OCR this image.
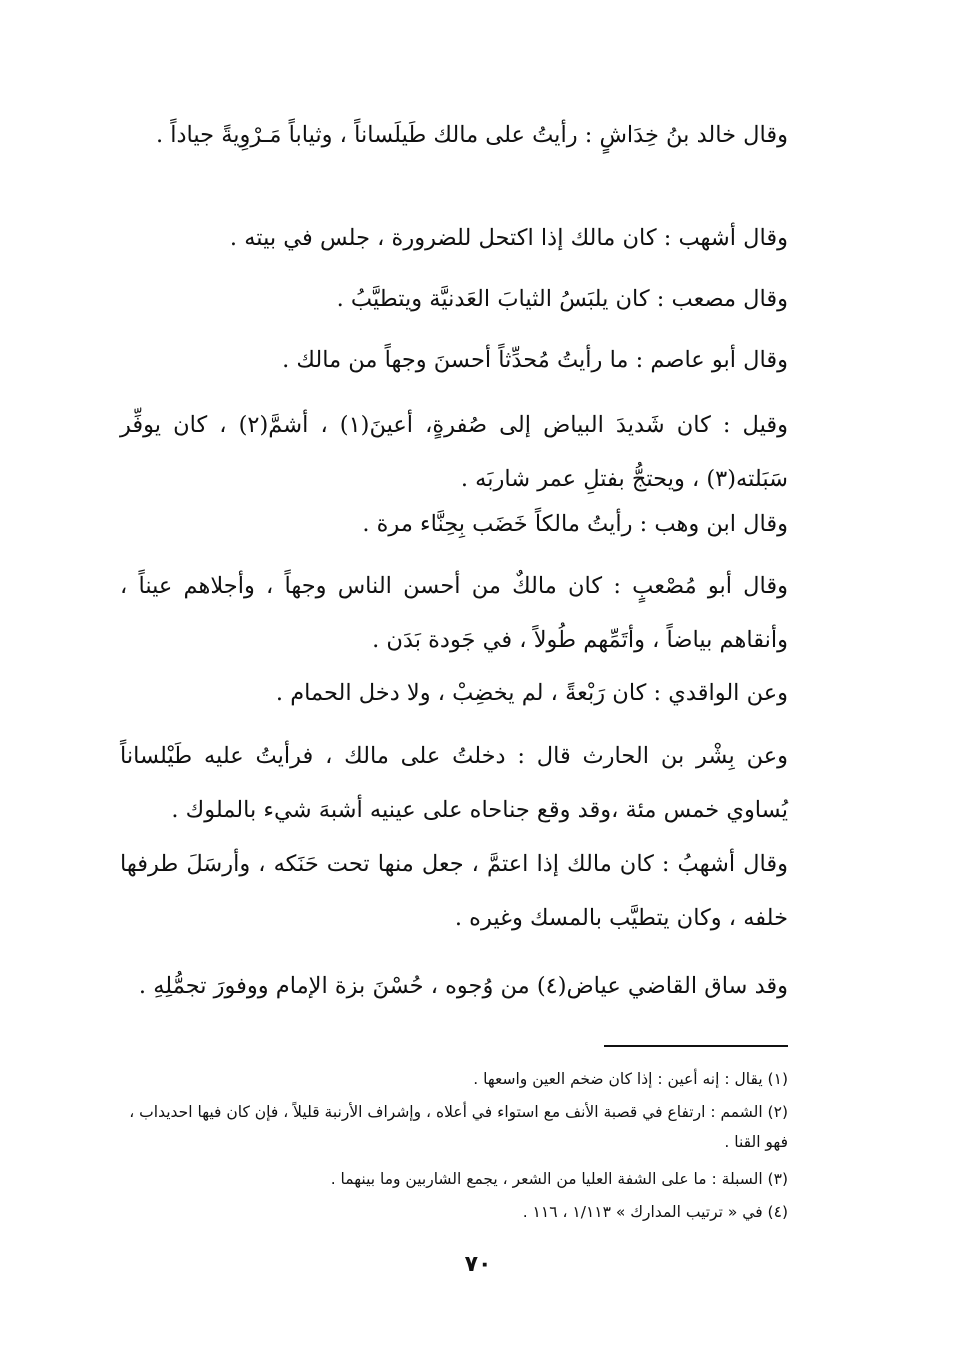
وقال خالد بنُ خِدَاشٍ : رأيتُ على مالك طَيلَساناً ، وثياباً مَـرْوِيةً جياداً .

وقال أشهب : كان مالك إذا اكتحل للضرورة ، جلس في بيته .

وقال مصعب : كان يلبَسُ الثيابَ العَدنيَّة ويتطيَّبُ .

وقال أبو عاصم : ما رأيتُ مُحدِّثاً أحسنَ وجهاً من مالك .

وقيل : كان شَديدَ البياض إلى صُفرةٍ، أعينَ(١) ، أشمَّ(٢) ، كان يوفِّر سَبَلته(٣) ، ويحتجُّ بفتلِ عمر شاربَه .

وقال ابن وهب : رأيتُ مالكاً خَضَب بِحِنَّاء مرة .

وقال أبو مُصْعبٍ : كان مالكٌ من أحسن الناس وجهاً ، وأجلاهم عيناً ، وأنقاهم بياضاً ، وأتَمِّهم طُولاً ، في جَودة بَدَن .

وعن الواقدي : كان رَبْعةً ، لم يخضِبْ ، ولا دخل الحمام .

وعن بِشْر بن الحارث قال : دخلتُ على مالك ، فرأيتُ عليه طَيْلساناً يُساوي خمس مئة ،وقد وقع جناحاه على عينيه أشبهَ شيء بالملوك .

وقال أشهبُ : كان مالك إذا اعتمَّ ، جعل منها تحت حَنَكه ، وأرسَلَ طرفها خلفه ، وكان يتطيَّب بالمسك وغيره .

وقد ساق القاضي عياض(٤) من وُجوه ، حُسْنَ بزة الإمام ووفورَ تجمُّلِهِ .

(١) يقال : إنه أعين : إذا كان ضخم العين واسعها .

(٢) الشمم : ارتفاع في قصبة الأنف مع استواء في أعلاه ، وإشراف الأرنبة قليلاً ، فإن كان فيها احديداب ، فهو القنا .

(٣) السبلة : ما على الشفة العليا من الشعر ، يجمع الشاربين وما بينهما .

(٤) في « ترتيب المدارك » ١/١١٣ ، ١١٦ .

٧٠
